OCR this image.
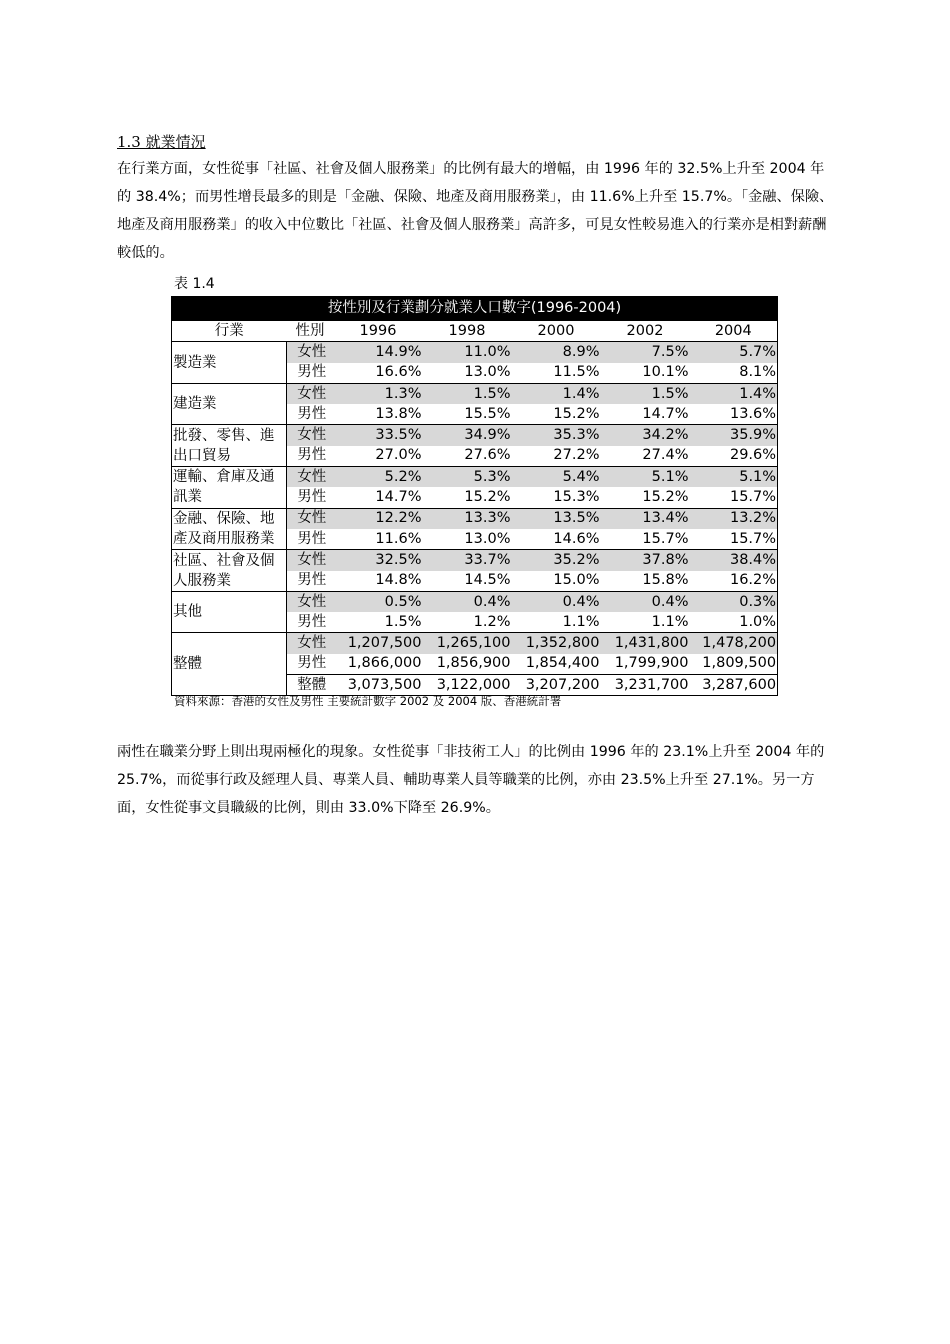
1.3 就業情況

在行業方面，女性從事「社區、社會及個人服務業」的比例有最大的增幅，由 1996 年的 32.5%上升至 2004 年的 38.4%；而男性增長最多的則是「金融、保險、地產及商用服務業」，由 11.6%上升至 15.7%。「金融、保險、地產及商用服務業」的收入中位數比「社區、社會及個人服務業」高許多，可見女性較易進入的行業亦是相對薪酬較低的。

表 1.4
按性別及行業劃分就業人口數字(1996-2004)						
行業	性別	1996	1998	2000	2002	2004
製造業	女性	14.9%	11.0%	8.9%	7.5%	5.7%
	男性	16.6%	13.0%	11.5%	10.1%	8.1%
建造業	女性	1.3%	1.5%	1.4%	1.5%	1.4%
	男性	13.8%	15.5%	15.2%	14.7%	13.6%
批發、零售、進出口貿易	女性	33.5%	34.9%	35.3%	34.2%	35.9%
	男性	27.0%	27.6%	27.2%	27.4%	29.6%
運輸、倉庫及通訊業	女性	5.2%	5.3%	5.4%	5.1%	5.1%
	男性	14.7%	15.2%	15.3%	15.2%	15.7%
金融、保險、地產及商用服務業	女性	12.2%	13.3%	13.5%	13.4%	13.2%
	男性	11.6%	13.0%	14.6%	15.7%	15.7%
社區、社會及個人服務業	女性	32.5%	33.7%	35.2%	37.8%	38.4%
	男性	14.8%	14.5%	15.0%	15.8%	16.2%
其他	女性	0.5%	0.4%	0.4%	0.4%	0.3%
	男性	1.5%	1.2%	1.1%	1.1%	1.0%
整體	女性	1,207,500	1,265,100	1,352,800	1,431,800	1,478,200
	男性	1,866,000	1,856,900	1,854,400	1,799,900	1,809,500
	整體	3,073,500	3,122,000	3,207,200	3,231,700	3,287,600
資料來源：香港的女性及男性 主要統計數字 2002 及 2004 版、香港統計署

兩性在職業分野上則出現兩極化的現象。女性從事「非技術工人」的比例由 1996 年的 23.1%上升至 2004 年的 25.7%，而從事行政及經理人員、專業人員、輔助專業人員等職業的比例，亦由 23.5%上升至 27.1%。另一方面，女性從事文員職級的比例，則由 33.0%下降至 26.9%。
